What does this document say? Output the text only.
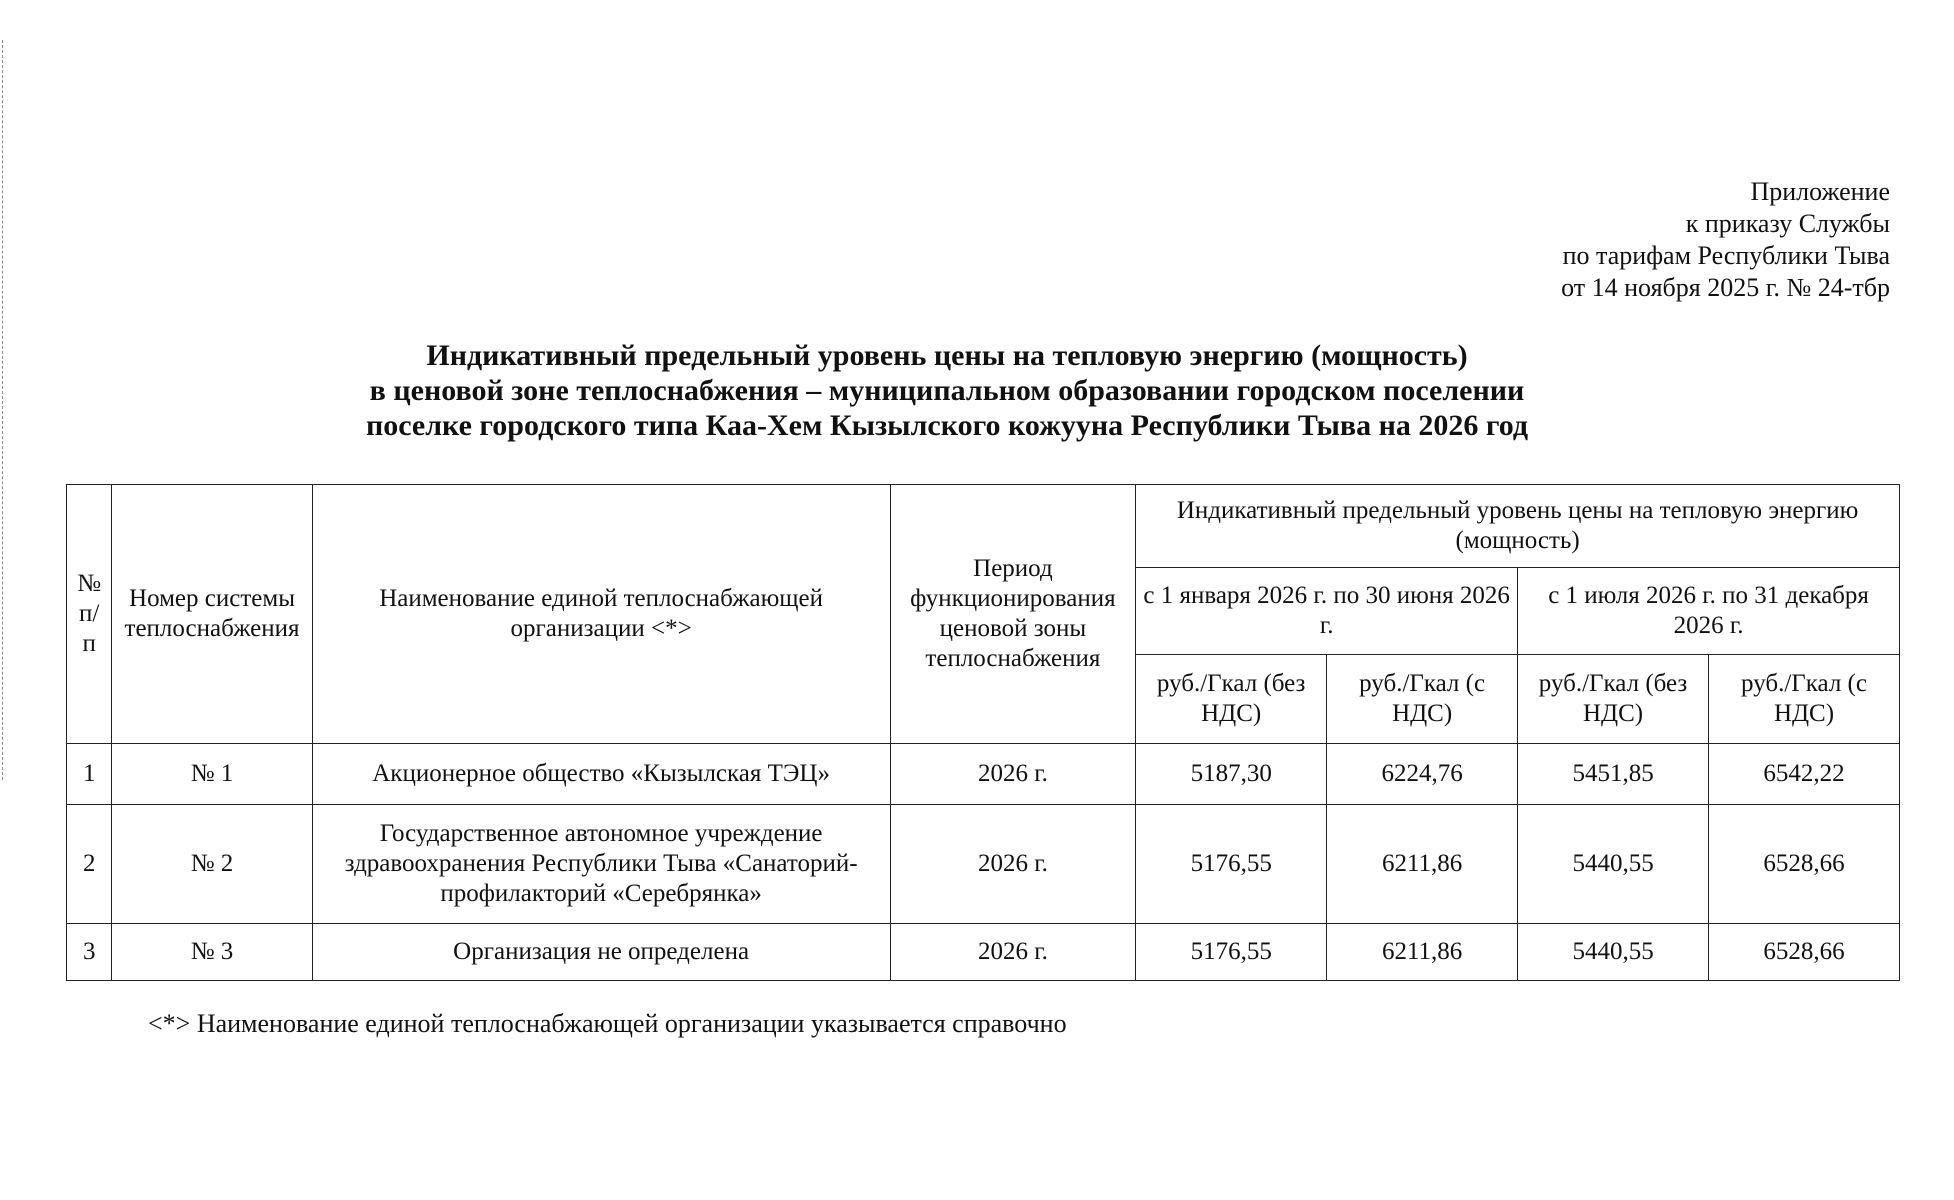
Приложение
к приказу Службы
по тарифам Республики Тыва
от 14 ноября 2025 г. № 24-тбр
Индикативный предельный уровень цены на тепловую энергию (мощность)
в ценовой зоне теплоснабжения – муниципальном образовании городском поселении
поселке городского типа Каа-Хем Кызылского кожууна Республики Тыва на 2026 год
№ п/п	Номер системы теплоснабжения	Наименование единой теплоснабжающей организации <*>	Период функционирования ценовой зоны теплоснабжения	Индикативный предельный уровень цены на тепловую энергию (мощность)			
				с 1 января 2026 г. по 30 июня 2026 г.		с 1 июля 2026 г. по 31 декабря 2026 г.	
				руб./Гкал (без НДС)	руб./Гкал (с НДС)	руб./Гкал (без НДС)	руб./Гкал (с НДС)
1	№ 1	Акционерное общество «Кызылская ТЭЦ»	2026 г.	5187,30	6224,76	5451,85	6542,22
2	№ 2	Государственное автономное учреждение здравоохранения Республики Тыва «Санаторий-профилакторий «Серебрянка»	2026 г.	5176,55	6211,86	5440,55	6528,66
3	№ 3	Организация не определена	2026 г.	5176,55	6211,86	5440,55	6528,66
<*> Наименование единой теплоснабжающей организации указывается справочно
